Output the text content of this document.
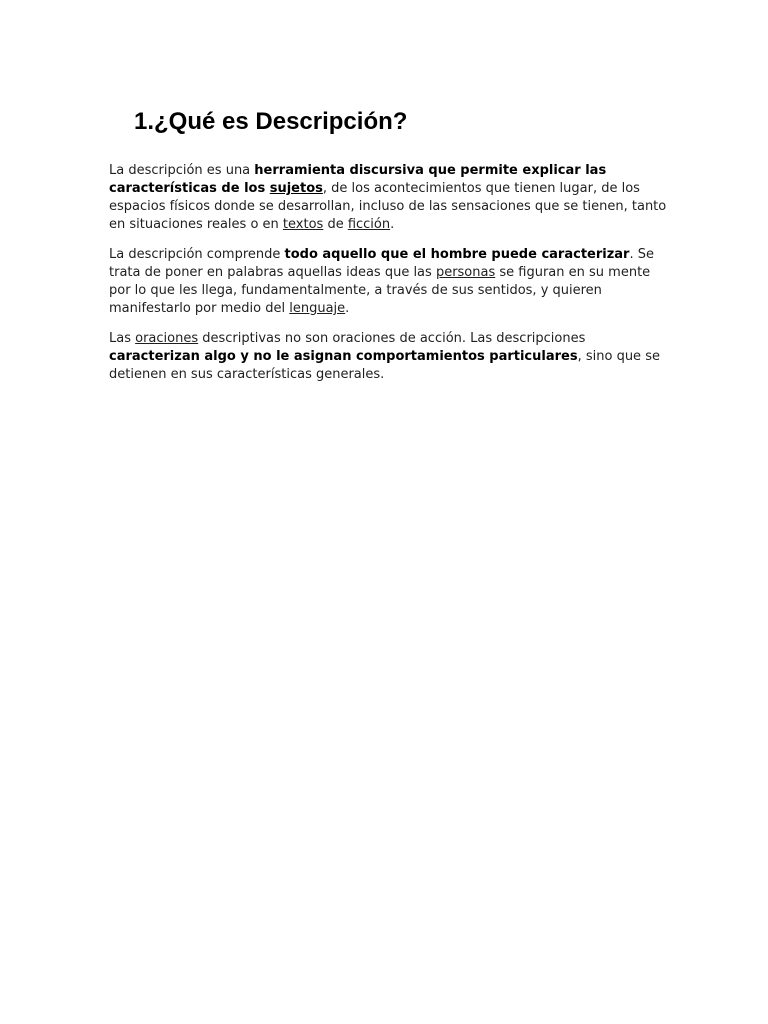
1.¿Qué es Descripción?

La descripción es una herramienta discursiva que permite explicar las características de los sujetos, de los acontecimientos que tienen lugar, de los espacios físicos donde se desarrollan, incluso de las sensaciones que se tienen, tanto en situaciones reales o en textos de ficción.

La descripción comprende todo aquello que el hombre puede caracterizar. Se trata de poner en palabras aquellas ideas que las personas se figuran en su mente por lo que les llega, fundamentalmente, a través de sus sentidos, y quieren manifestarlo por medio del lenguaje.

Las oraciones descriptivas no son oraciones de acción. Las descripciones caracterizan algo y no le asignan comportamientos particulares, sino que se detienen en sus características generales.
